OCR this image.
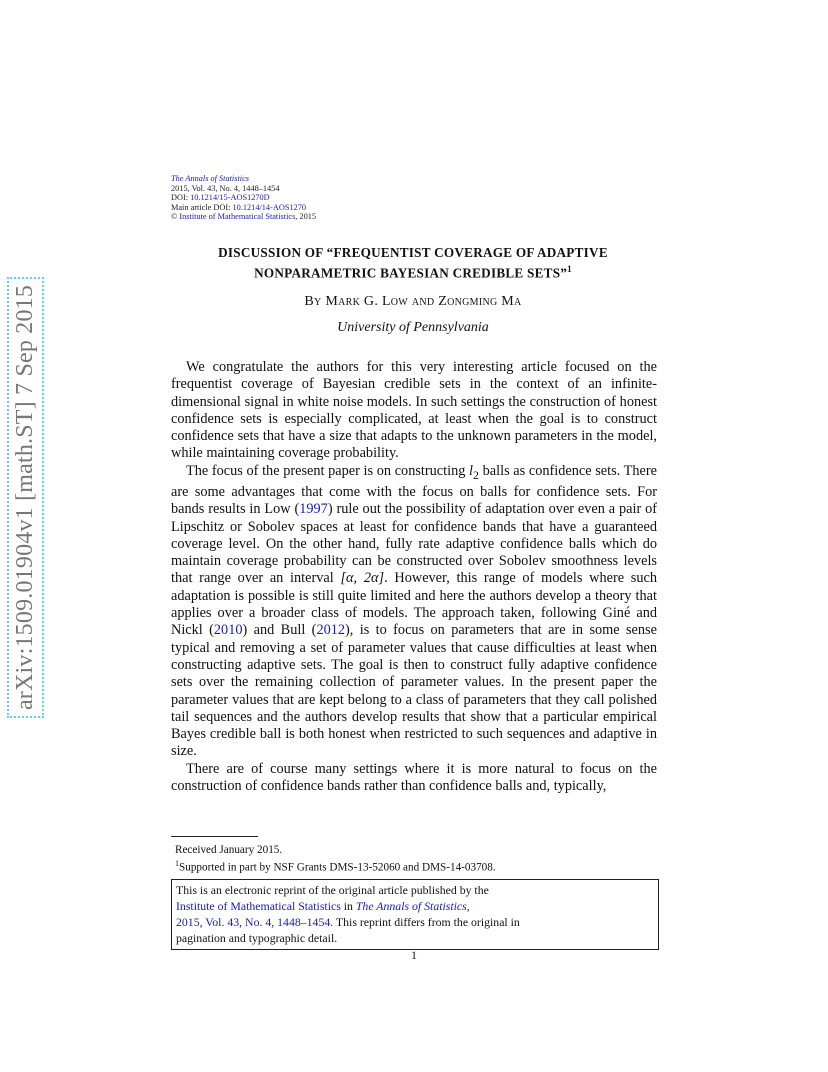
arXiv:1509.01904v1 [math.ST] 7 Sep 2015
The Annals of Statistics
2015, Vol. 43, No. 4, 1448–1454
DOI: 10.1214/15-AOS1270D
Main article DOI: 10.1214/14-AOS1270
© Institute of Mathematical Statistics, 2015
DISCUSSION OF “FREQUENTIST COVERAGE OF ADAPTIVE
NONPARAMETRIC BAYESIAN CREDIBLE SETS”$^1$
By Mark G. Low and Zongming Ma
University of Pennsylvania

We congratulate the authors for this very interesting article focused on the frequentist coverage of Bayesian credible sets in the context of an infinite-dimensional signal in white noise models. In such settings the construction of honest confidence sets is especially complicated, at least when the goal is to construct confidence sets that have a size that adapts to the unknown parameters in the model, while maintaining coverage probability.

The focus of the present paper is on constructing $l_2$ balls as confidence sets. There are some advantages that come with the focus on balls for confidence sets. For bands results in Low (1997) rule out the possibility of adaptation over even a pair of Lipschitz or Sobolev spaces at least for confidence bands that have a guaranteed coverage level. On the other hand, fully rate adaptive confidence balls which do maintain coverage probability can be constructed over Sobolev smoothness levels that range over an interval [α, 2α]. However, this range of models where such adaptation is possible is still quite limited and here the authors develop a theory that applies over a broader class of models. The approach taken, following Giné and Nickl (2010) and Bull (2012), is to focus on parameters that are in some sense typical and removing a set of parameter values that cause difficulties at least when constructing adaptive sets. The goal is then to construct fully adaptive confidence sets over the remaining collection of parameter values. In the present paper the parameter values that are kept belong to a class of parameters that they call polished tail sequences and the authors develop results that show that a particular empirical Bayes credible ball is both honest when restricted to such sequences and adaptive in size.

There are of course many settings where it is more natural to focus on the construction of confidence bands rather than confidence balls and, typically,

Received January 2015.
$^1$Supported in part by NSF Grants DMS-13-52060 and DMS-14-03708.
This is an electronic reprint of the original article published by the
Institute of Mathematical Statistics in The Annals of Statistics,
2015, Vol. 43, No. 4, 1448–1454. This reprint differs from the original in
pagination and typographic detail.
1
